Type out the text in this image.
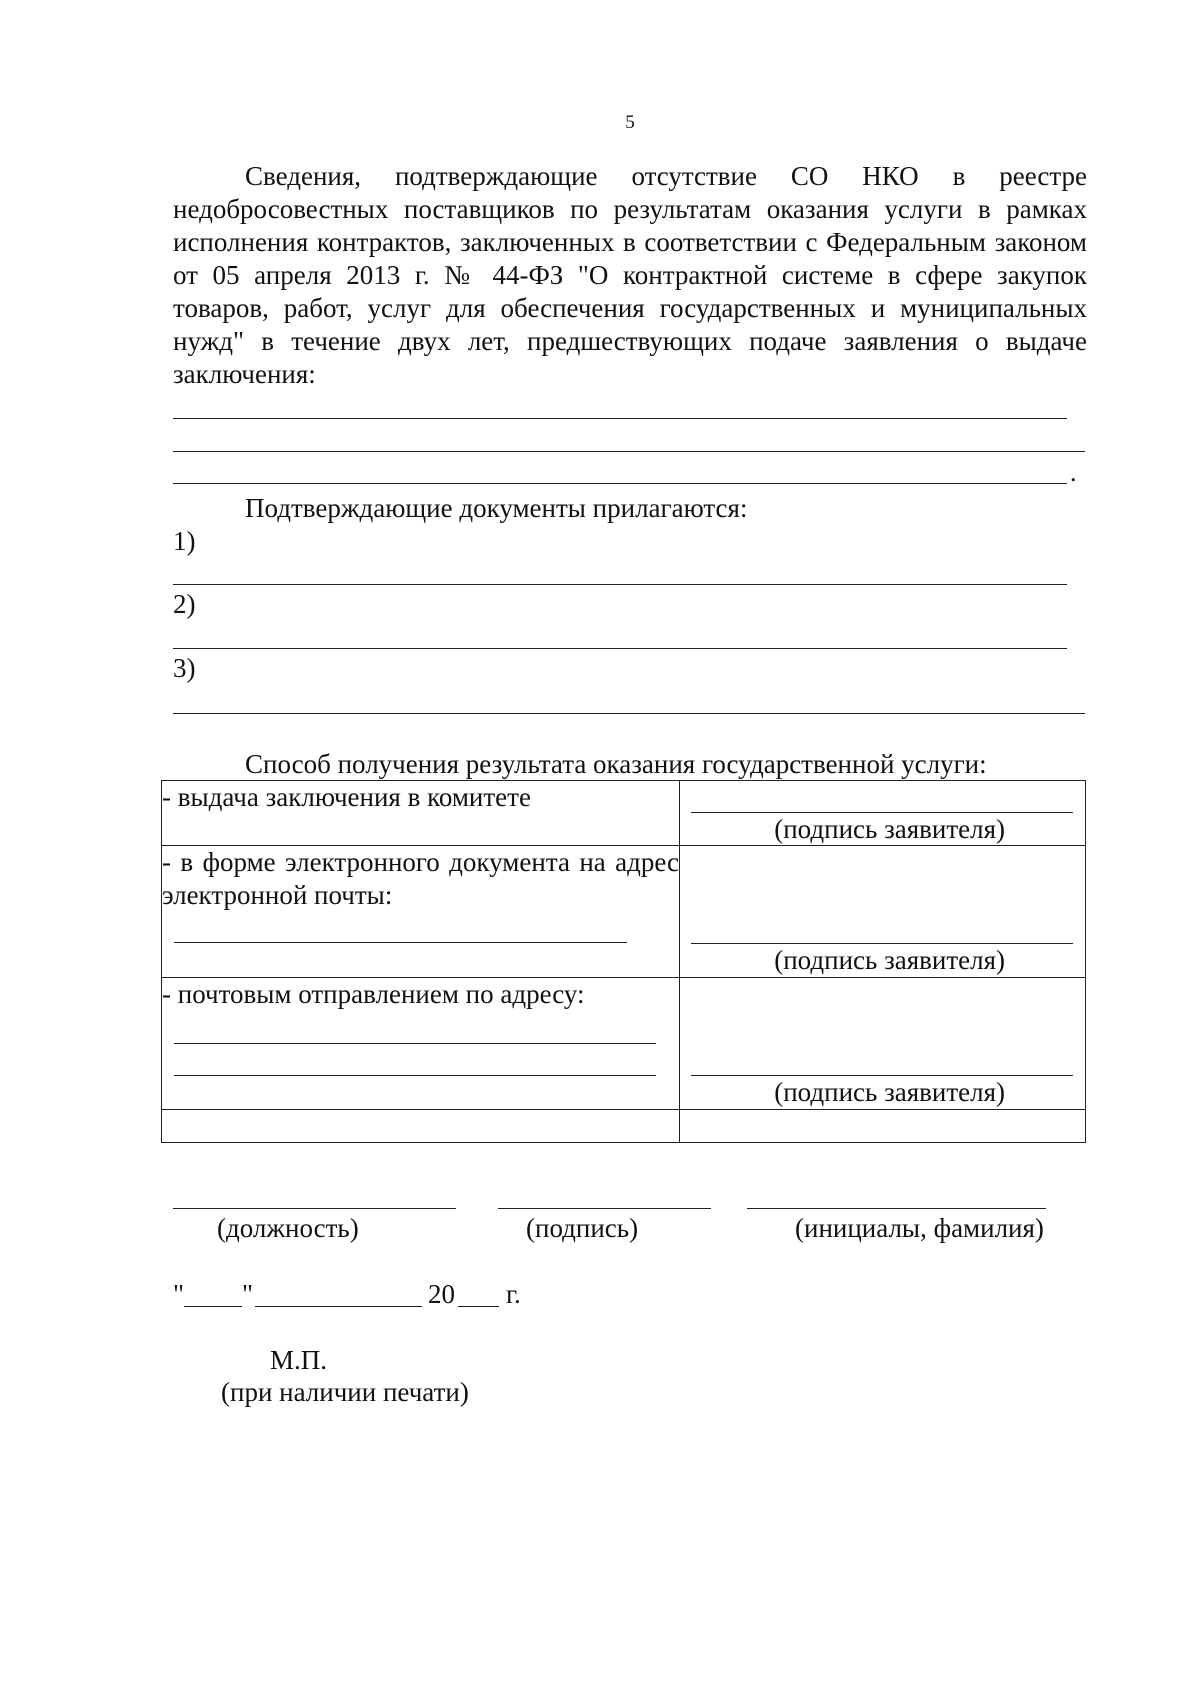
5

Сведения, подтверждающие отсутствие СО НКО в реестре недобросовестных поставщиков по результатам оказания услуги в рамках исполнения контрактов, заключенных в соответствии с Федеральным законом от 05 апреля 2013 г. № 44-ФЗ "О контрактной системе в сфере закупок товаров, работ, услуг для обеспечения государственных и муниципальных нужд" в течение двух лет, предшествующих подаче заявления о выдаче заключения:

.
Подтверждающие документы прилагаются:
1)
2)
3)
Способ получения результата оказания государственной услуги:
- выдача заключения в комитете	(подпись заявителя)

- в форме электронного документа на адрес электронной почты:	(подпись заявителя)

- почтовым отправлением по адресу:	(подпись заявителя)

(должность)	(подпись)	(инициалы, фамилия)
" "	20 г.
М.П.
(при наличии печати)
